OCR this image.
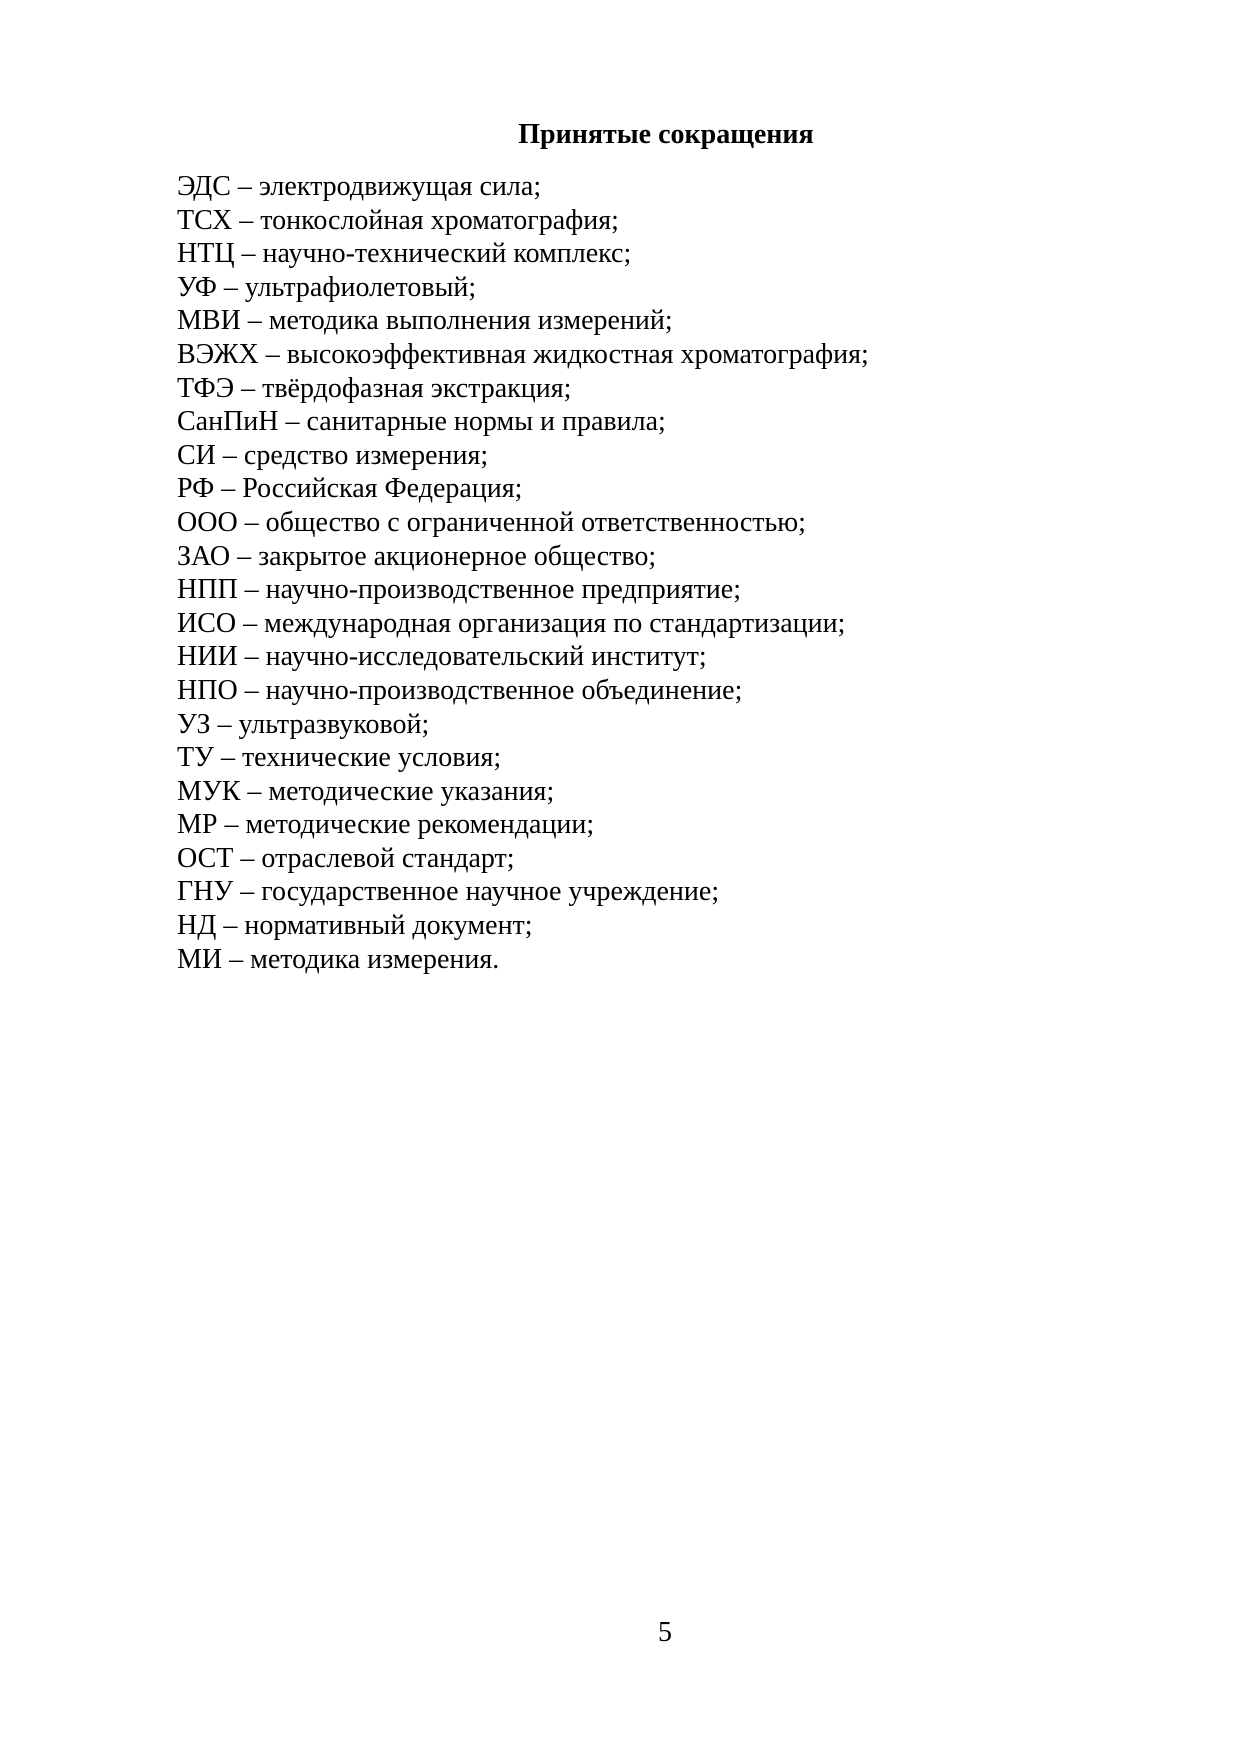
Принятые сокращения
ЭДС – электродвижущая сила;
ТСХ – тонкослойная хроматография;
НТЦ – научно-технический комплекс;
УФ – ультрафиолетовый;
МВИ – методика выполнения измерений;
ВЭЖХ – высокоэффективная жидкостная хроматография;
ТФЭ – твёрдофазная экстракция;
СанПиН – санитарные нормы и правила;
СИ – средство измерения;
РФ – Российская Федерация;
ООО – общество с ограниченной ответственностью;
ЗАО – закрытое акционерное общество;
НПП – научно-производственное предприятие;
ИСО – международная организация по стандартизации;
НИИ – научно-исследовательский институт;
НПО – научно-производственное объединение;
УЗ – ультразвуковой;
ТУ – технические условия;
МУК – методические указания;
МР – методические рекомендации;
ОСТ – отраслевой стандарт;
ГНУ – государственное научное учреждение;
НД – нормативный документ;
МИ – методика измерения.
5
